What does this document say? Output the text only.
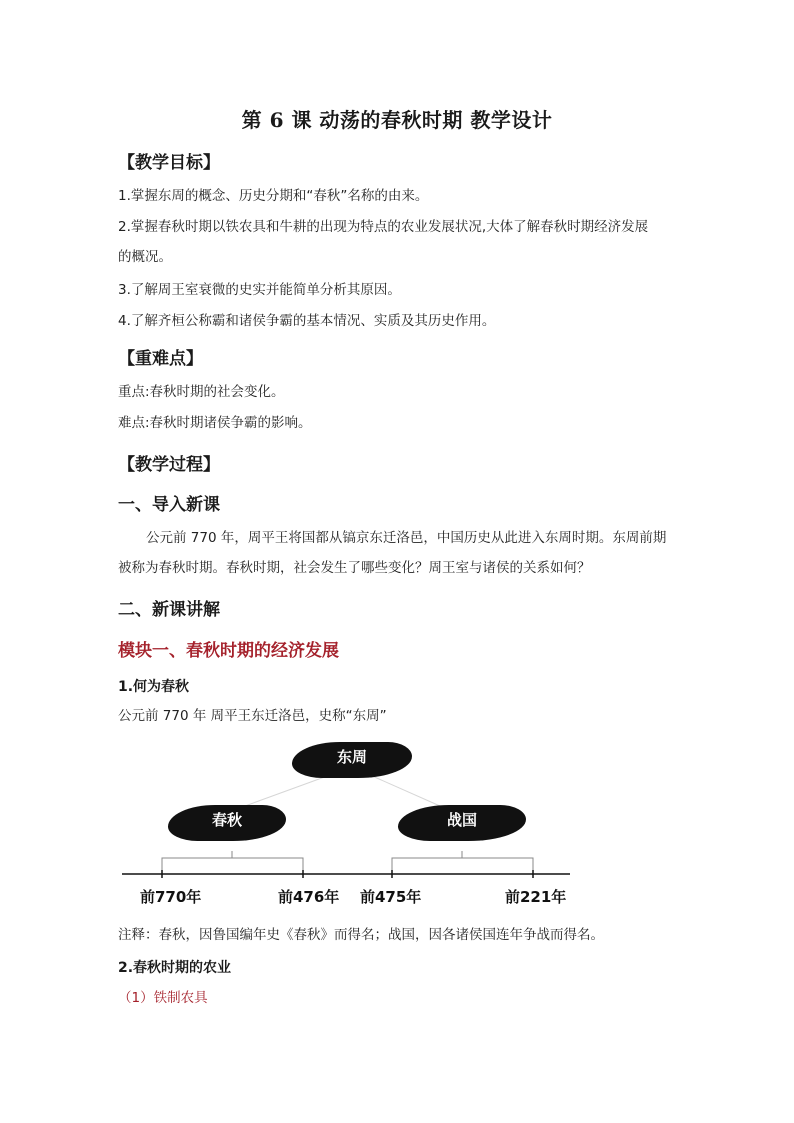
第 6 课 动荡的春秋时期 教学设计
【教学目标】
1.掌握东周的概念、历史分期和“春秋”名称的由来。
2.掌握春秋时期以铁农具和牛耕的出现为特点的农业发展状况,大体了解春秋时期经济发展
的概况。
3.了解周王室衰微的史实并能简单分析其原因。
4.了解齐桓公称霸和诸侯争霸的基本情况、实质及其历史作用。
【重难点】
重点:春秋时期的社会变化。
难点:春秋时期诸侯争霸的影响。
【教学过程】
一、导入新课
公元前 770 年，周平王将国都从镐京东迁洛邑，中国历史从此进入东周时期。东周前期
被称为春秋时期。春秋时期，社会发生了哪些变化？周王室与诸侯的关系如何？
二、新课讲解
模块一、春秋时期的经济发展
1.何为春秋
公元前 770 年 周平王东迁洛邑，史称“东周”
东周
春秋	战国
前770年	前476年 前475年	前221年
注释：春秋，因鲁国编年史《春秋》而得名；战国，因各诸侯国连年争战而得名。
2.春秋时期的农业
（1）铁制农具
